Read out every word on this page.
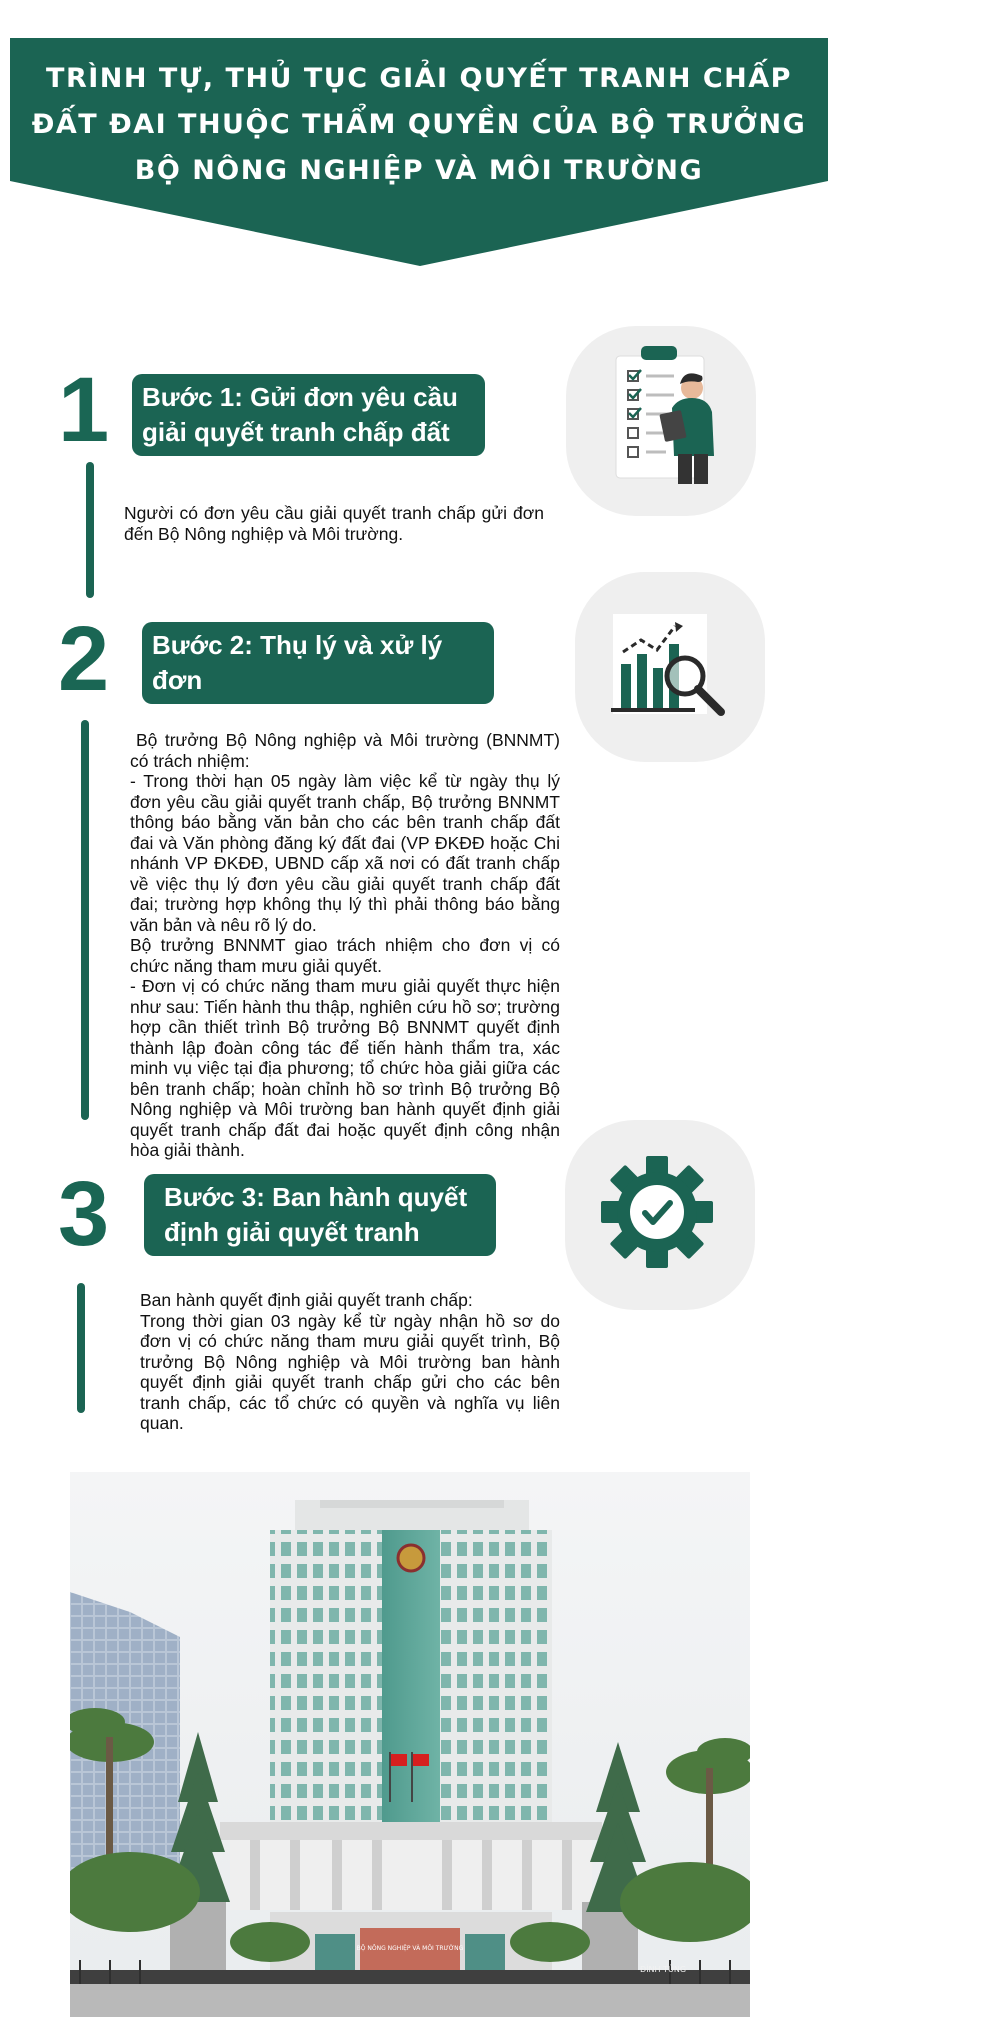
TRÌNH TỰ, THỦ TỤC GIẢI QUYẾT TRANH CHẤP
ĐẤT ĐAI THUỘC THẨM QUYỀN CỦA BỘ TRƯỞNG
BỘ NÔNG NGHIỆP VÀ MÔI TRƯỜNG
1 Bước 1: Gửi đơn yêu cầu
giải quyết tranh chấp đất đai

Người có đơn yêu cầu giải quyết tranh chấp gửi đơn đến Bộ Nông nghiệp và Môi trường.

2 Bước 2: Thụ lý và xử lý đơn
yêu cầu

Bộ trưởng Bộ Nông nghiệp và Môi trường (BNNMT) có trách nhiệm:

- Trong thời hạn 05 ngày làm việc kể từ ngày thụ lý đơn yêu cầu giải quyết tranh chấp, Bộ trưởng BNNMT thông báo bằng văn bản cho các bên tranh chấp đất đai và Văn phòng đăng ký đất đai (VP ĐKĐĐ hoặc Chi nhánh VP ĐKĐĐ, UBND cấp xã nơi có đất tranh chấp về việc thụ lý đơn yêu cầu giải quyết tranh chấp đất đai; trường hợp không thụ lý thì phải thông báo bằng văn bản và nêu rõ lý do.

Bộ trưởng BNNMT giao trách nhiệm cho đơn vị có chức năng tham mưu giải quyết.

- Đơn vị có chức năng tham mưu giải quyết thực hiện như sau: Tiến hành thu thập, nghiên cứu hồ sơ; trường hợp cần thiết trình Bộ trưởng Bộ BNNMT quyết định thành lập đoàn công tác để tiến hành thẩm tra, xác minh vụ việc tại địa phương; tổ chức hòa giải giữa các bên tranh chấp; hoàn chỉnh hồ sơ trình Bộ trưởng Bộ Nông nghiệp và Môi trường ban hành quyết định giải quyết tranh chấp đất đai hoặc quyết định công nhận hòa giải thành.

3 Bước 3: Ban hành quyết
định giải quyết tranh chấp

Ban hành quyết định giải quyết tranh chấp:

Trong thời gian 03 ngày kể từ ngày nhận hồ sơ do đơn vị có chức năng tham mưu giải quyết trình, Bộ trưởng Bộ Nông nghiệp và Môi trường ban hành quyết định giải quyết tranh chấp gửi cho các bên tranh chấp, các tổ chức có quyền và nghĩa vụ liên quan.

BỘ NÔNG NGHIỆP VÀ MÔI TRƯỜNG
ĐÌNH TÙNG
